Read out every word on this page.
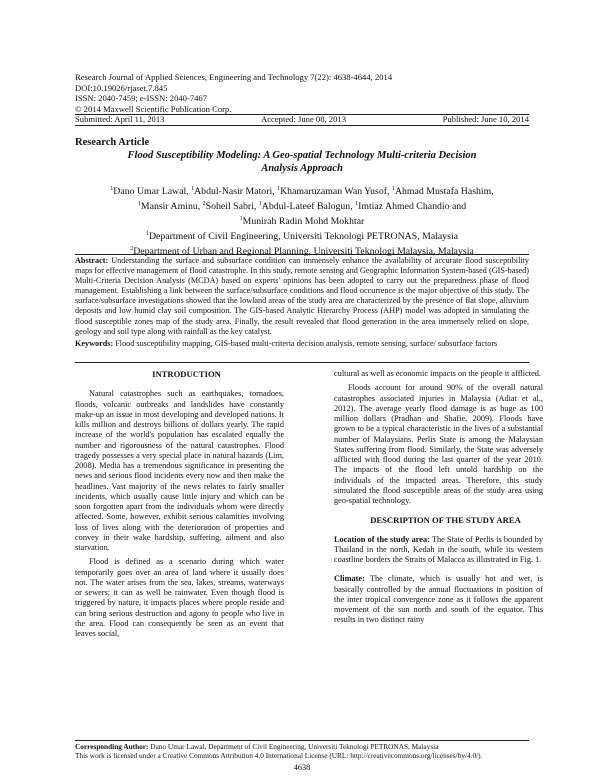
Research Journal of Applied Sciences, Engineering and Technology 7(22): 4638-4644, 2014
DOI:10.19026/rjaset.7.845
ISSN: 2040-7459; e-ISSN: 2040-7467
© 2014 Maxwell Scientific Publication Corp.
Submitted: April 11, 2013	Accepted: June 08, 2013	Published: June 10, 2014
Research Article
Flood Susceptibility Modeling: A Geo-spatial Technology Multi-criteria Decision
Analysis Approach
$^1$Dano Umar Lawal, $^1$Abdul-Nasir Matori, $^1$Khamaruzaman Wan Yusof, $^1$Ahmad Mustafa Hashim,
$^1$Mansir Aminu, $^2$Soheil Sabri, $^1$Abdul-Lateef Balogun, $^1$Imtiaz Ahmed Chandio and
$^1$Munirah Radin Mohd Mokhtar
$^1$Department of Civil Engineering, Universiti Teknologi PETRONAS, Malaysia
$^2$Department of Urban and Regional Planning, Universiti Teknologi Malaysia, Malaysia
Abstract: Understanding the surface and subsurface condition can immensely enhance the availability of accurate flood susceptibility maps for effective management of flood catastrophe. In this study, remote sensing and Geographic Information System-based (GIS-based) Multi-Criteria Decision Analysis (MCDA) based on experts' opinions has been adopted to carry out the preparedness phase of flood management. Establishing a link between the surface/subsurface conditions and flood occurrence is the major objective of this study. The surface/subsurface investigations showed that the lowland areas of the study area are characterized by the presence of flat slope, alluvium deposits and low humid clay soil composition. The GIS-based Analytic Hierarchy Process (AHP) model was adopted in simulating the flood susceptible zones map of the study area. Finally, the result revealed that flood generation in the area immensely relied on slope, geology and soil type along with rainfall as the key catalyst.
Keywords: Flood susceptibility mapping, GIS-based multi-criteria decision analysis, remote sensing, surface/ subsurface factors

INTRODUCTION

Natural catastrophes such as earthquakes, tornadoes, floods, volcanic outbreaks and landslides have constantly make-up an issue in most developing and developed nations. It kills million and destroys billions of dollars yearly. The rapid increase of the world's population has escalated equally the number and rigorousness of the natural catastrophes. Flood tragedy possesses a very special place in natural hazards (Lim, 2008). Media has a tremendous significance in presenting the news and serious flood incidents every now and then make the headlines. Vast majority of the news relates to fairly smaller incidents, which usually cause little injury and which can be soon forgotten apart from the individuals whom were directly affected. Some, however, exhibit serious calamities involving loss of lives along with the deterioration of properties and convey in their wake hardship, suffering, ailment and also starvation.

Flood is defined as a scenario during which water temporarily goes over an area of land where it usually does not. The water arises from the sea, lakes, streams, waterways or sewers; it can as well be rainwater. Even though flood is triggered by nature, it impacts places where people reside and can bring serious destruction and agony to people who live in the area. Flood can consequently be seen as an event that leaves social,

cultural as well as economic impacts on the people it afflicted.

Floods account for around 90% of the overall natural catastrophes associated injuries in Malaysia (Adiat et al., 2012). The average yearly flood damage is as huge as 100 million dollars (Pradhan and Shafie, 2009). Floods have grown to be a typical characteristic in the lives of a substantial number of Malaysians. Perlis State is among the Malaysian States suffering from flood. Similarly, the State was adversely afflicted with flood during the last quarter of the year 2010. The impacts of the flood left untold hardship on the individuals of the impacted areas. Therefore, this study simulated the flood susceptible areas of the study area using geo-spatial technology.

DESCRIPTION OF THE STUDY AREA

Location of the study area: The State of Perlis is bounded by Thailand in the north, Kedah in the south, while its western coastline borders the Straits of Malacca as illustrated in Fig. 1.

Climate: The climate, which is usually hot and wet, is basically controlled by the annual fluctuations in position of the inter tropical convergence zone as it follows the apparent movement of the sun north and south of the equator. This results in two distinct rainy

Corresponding Author: Dano Umar Lawal, Department of Civil Engineering, Universiti Teknologi PETRONAS, Malaysia
This work is licensed under a Creative Commons Attribution 4.0 International License (URL: http://creativecommons.org/licenses/by/4.0/).
4638
